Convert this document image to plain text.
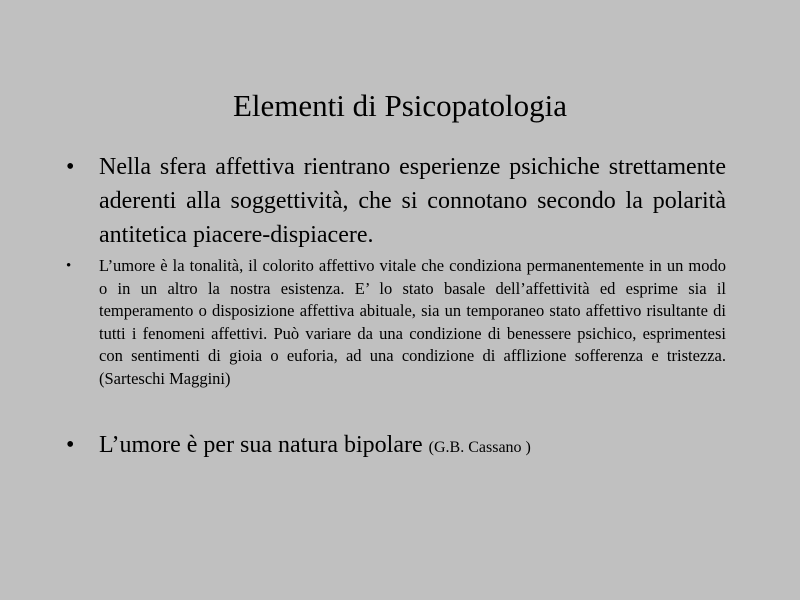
Elementi di Psicopatologia
• Nella sfera affettiva rientrano esperienze psichiche strettamente aderenti alla soggettività, che si connotano secondo la polarità antitetica piacere-dispiacere.
• L’umore è la tonalità, il colorito affettivo vitale che condiziona permanentemente in un modo o in un altro la nostra esistenza. E’ lo stato basale dell’affettività ed esprime sia il temperamento o disposizione affettiva abituale, sia un temporaneo stato affettivo risultante di tutti i fenomeni affettivi. Può variare da una condizione di benessere psichico, esprimentesi con sentimenti di gioia o euforia, ad una condizione di afflizione sofferenza e tristezza. (Sarteschi Maggini)
• L’umore è per sua natura bipolare (G.B. Cassano )
